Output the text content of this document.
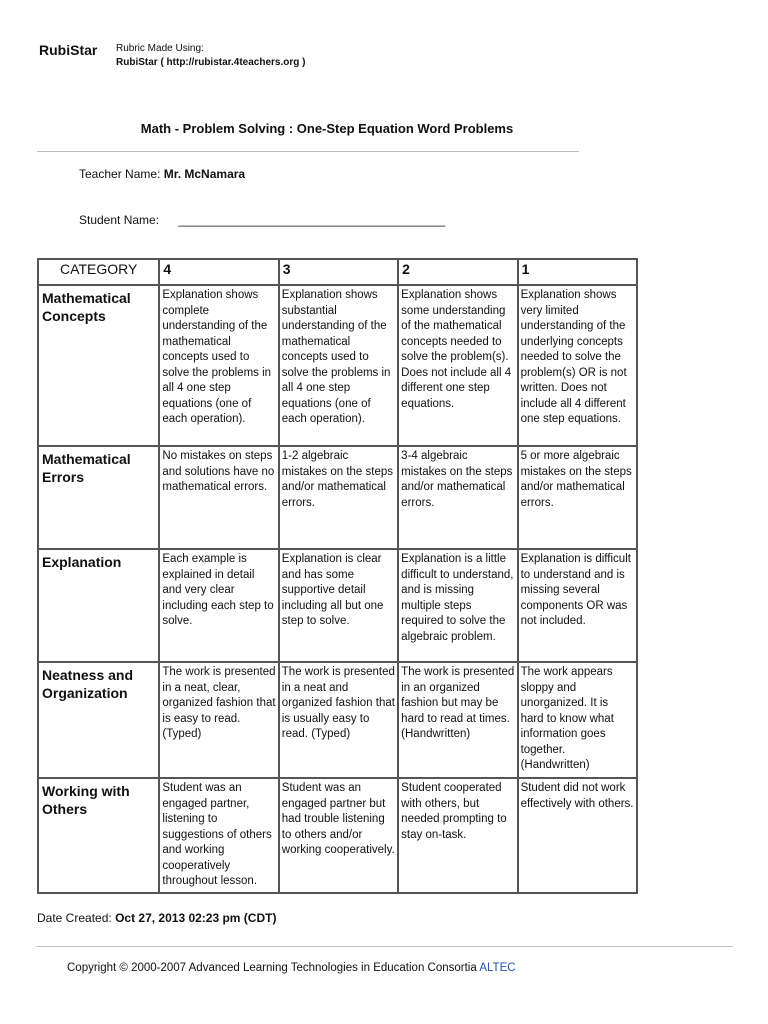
RubiStar Rubric Made Using:
RubiStar ( http://rubistar.4teachers.org )
Math - Problem Solving : One-Step Equation Word Problems
Teacher Name: Mr. McNamara
Student Name: ________________________________________
CATEGORY	4	3	2	1
Mathematical Concepts	Explanation shows complete understanding of the mathematical concepts used to solve the problems in all 4 one step equations (one of each operation).	Explanation shows substantial understanding of the mathematical concepts used to solve the problems in all 4 one step equations (one of each operation).	Explanation shows some understanding of the mathematical concepts needed to solve the problem(s). Does not include all 4 different one step equations.	Explanation shows very limited understanding of the underlying concepts needed to solve the problem(s) OR is not written. Does not include all 4 different one step equations.
Mathematical Errors	No mistakes on steps and solutions have no mathematical errors.	1-2 algebraic mistakes on the steps and/or mathematical errors.	3-4 algebraic mistakes on the steps and/or mathematical errors.	5 or more algebraic mistakes on the steps and/or mathematical errors.
Explanation	Each example is explained in detail and very clear including each step to solve.	Explanation is clear and has some supportive detail including all but one step to solve.	Explanation is a little difficult to understand, and is missing multiple steps required to solve the algebraic problem.	Explanation is difficult to understand and is missing several components OR was not included.
Neatness and Organization	The work is presented in a neat, clear, organized fashion that is easy to read. (Typed)	The work is presented in a neat and organized fashion that is usually easy to read. (Typed)	The work is presented in an organized fashion but may be hard to read at times. (Handwritten)	The work appears sloppy and unorganized. It is hard to know what information goes together. (Handwritten)
Working with Others	Student was an engaged partner, listening to suggestions of others and working cooperatively throughout lesson.	Student was an engaged partner but had trouble listening to others and/or working cooperatively.	Student cooperated with others, but needed prompting to stay on-task.	Student did not work effectively with others.
Date Created: Oct 27, 2013 02:23 pm (CDT)
Copyright © 2000-2007 Advanced Learning Technologies in Education Consortia ALTEC
